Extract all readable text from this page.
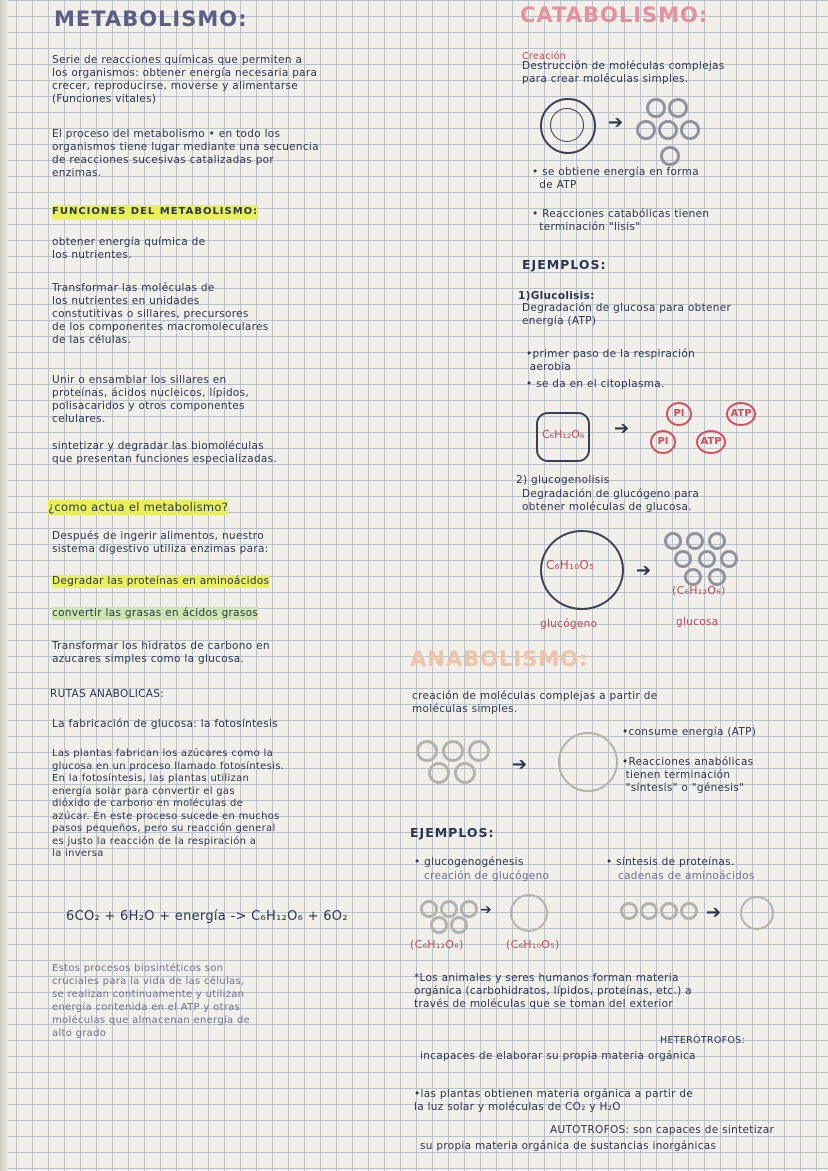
METABOLISMO:
Serie de reacciones químicas que permiten a
los organismos: obtener energía necesaria para
crecer, reproducirse, moverse y alimentarse
(Funciones vitales)
El proceso del metabolismo • en todo los
organismos tiene lugar mediante una secuencia
de reacciones sucesivas catalizadas por
enzimas.
FUNCIONES DEL METABOLISMO:
obtener energía química de
los nutrientes.
Transformar las moléculas de
los nutrientes en unidades
constutitivas o sillares, precursores
de los componentes macromoleculares
de las células.
Unir o ensamblar los sillares en
proteínas, ácidos nucleicos, lípidos,
polisacaridos y otros componentes
celulares.
sintetizar y degradar las biomoléculas
que presentan funciones especializadas.
¿como actua el metabolismo?
Después de ingerir alimentos, nuestro
sistema digestivo utiliza enzimas para:
Degradar las proteínas en aminoácidos
convertir las grasas en ácidos grasos
Transformar los hidratos de carbono en
azucares simples como la glucosa.
RUTAS ANABOLICAS:
La fabricación de glucosa: la fotosíntesis
Las plantas fabrican los azúcares como la
glucosa en un proceso llamado fotosíntesis.
En la fotosíntesis, las plantas utilizan
energía solar para convertir el gas
dióxido de carbono en moléculas de
azúcar. En este proceso sucede en muchos
pasos pequeños, pero su reacción general
es justo la reacción de la respiración a
la inversa
6CO₂ + 6H₂O + energía -> C₆H₁₂O₆ + 6O₂
Estos procesos biosintéticos son
cruciales para la vida de las células,
se realizan continuamente y utilizan
energía contenida en el ATP y otras
moléculas que almacenan energía de
alto grado
CATABOLISMO:
Creación
Destrucción de moléculas complejas
para crear moléculas simples.
➔
• se obtiene energía en forma
de ATP
• Reacciones catabólicas tienen
terminación "lisis"
EJEMPLOS:
1)Glucolisis:
Degradación de glucosa para obtener
energía (ATP)
•primer paso de la respiración
aerobia
• se da en el citoplasma.
C₆H₁₂O₆ ➔
PI	ATP
PI	ATP
2) glucogenolisis
Degradación de glucógeno para
obtener moléculas de glucosa.
C₆H₁₀O₅ ➔
(C₆H₁₂O₆)
glucógeno	glucosa
ANABOLISMO:
creación de moléculas complejas a partir de
moléculas simples.
➔
•consume energía (ATP)
•Reacciones anabólicas
tienen terminación
"síntesis" o "génesis"
EJEMPLOS:
• glucogenogénesis
creación de glucógeno
• síntesis de proteínas.
cadenas de aminoácidos
➔
(C₆H₁₂O₆)	(C₆H₁₀O₅)
➔
*Los animales y seres humanos forman materia
orgánica (carbohidratos, lípidos, proteínas, etc.) a
través de moléculas que se toman del exterior
HETERÓTROFOS:
incapaces de elaborar su propia materia orgánica
•las plantas obtienen materia orgánica a partir de
la luz solar y moléculas de CO₂ y H₂O
AUTOTROFOS: son capaces de sintetizar
su propia materia orgánica de sustancias inorgánicas
